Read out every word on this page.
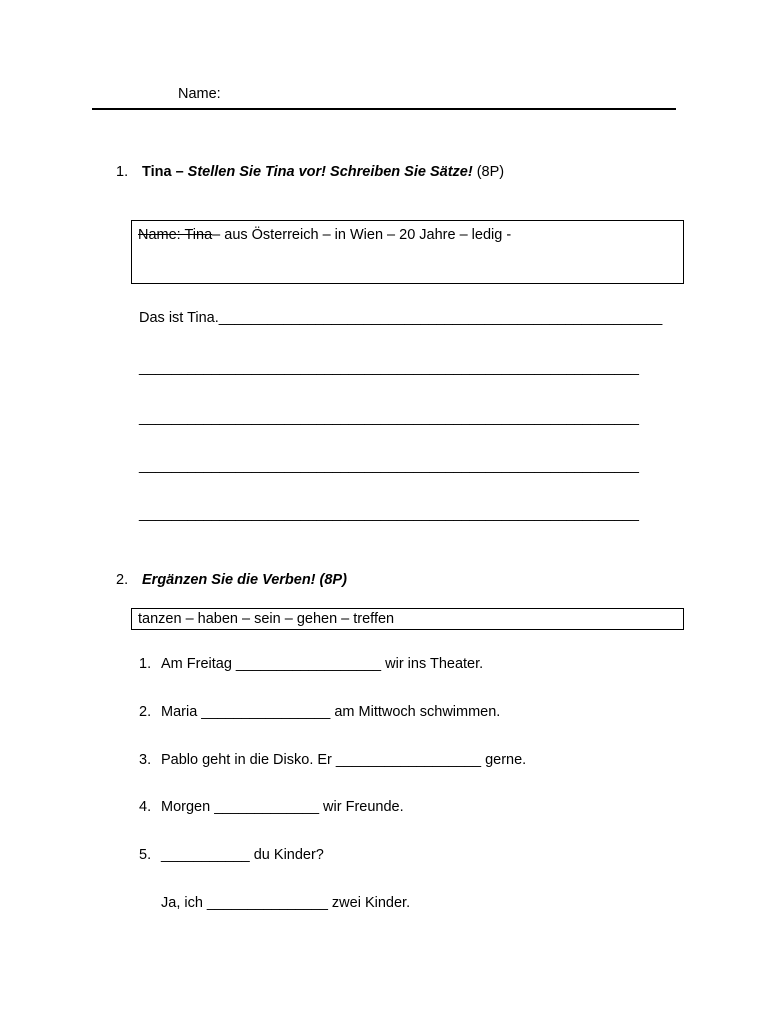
Name:
1. Tina – Stellen Sie Tina vor! Schreiben Sie Sätze! (8P)
Name: Tina– aus Österreich – in Wien – 20 Jahre – ledig -
Das ist Tina._______________________________________________________
______________________________________________________________
______________________________________________________________
______________________________________________________________
______________________________________________________________
2. Ergänzen Sie die Verben! (8P)
tanzen – haben – sein – gehen – treffen
1. Am Freitag __________________ wir ins Theater.
2. Maria ________________ am Mittwoch schwimmen.
3. Pablo geht in die Disko. Er __________________ gerne.
4. Morgen _____________ wir Freunde.
5. ___________ du Kinder?
Ja, ich _______________ zwei Kinder.
